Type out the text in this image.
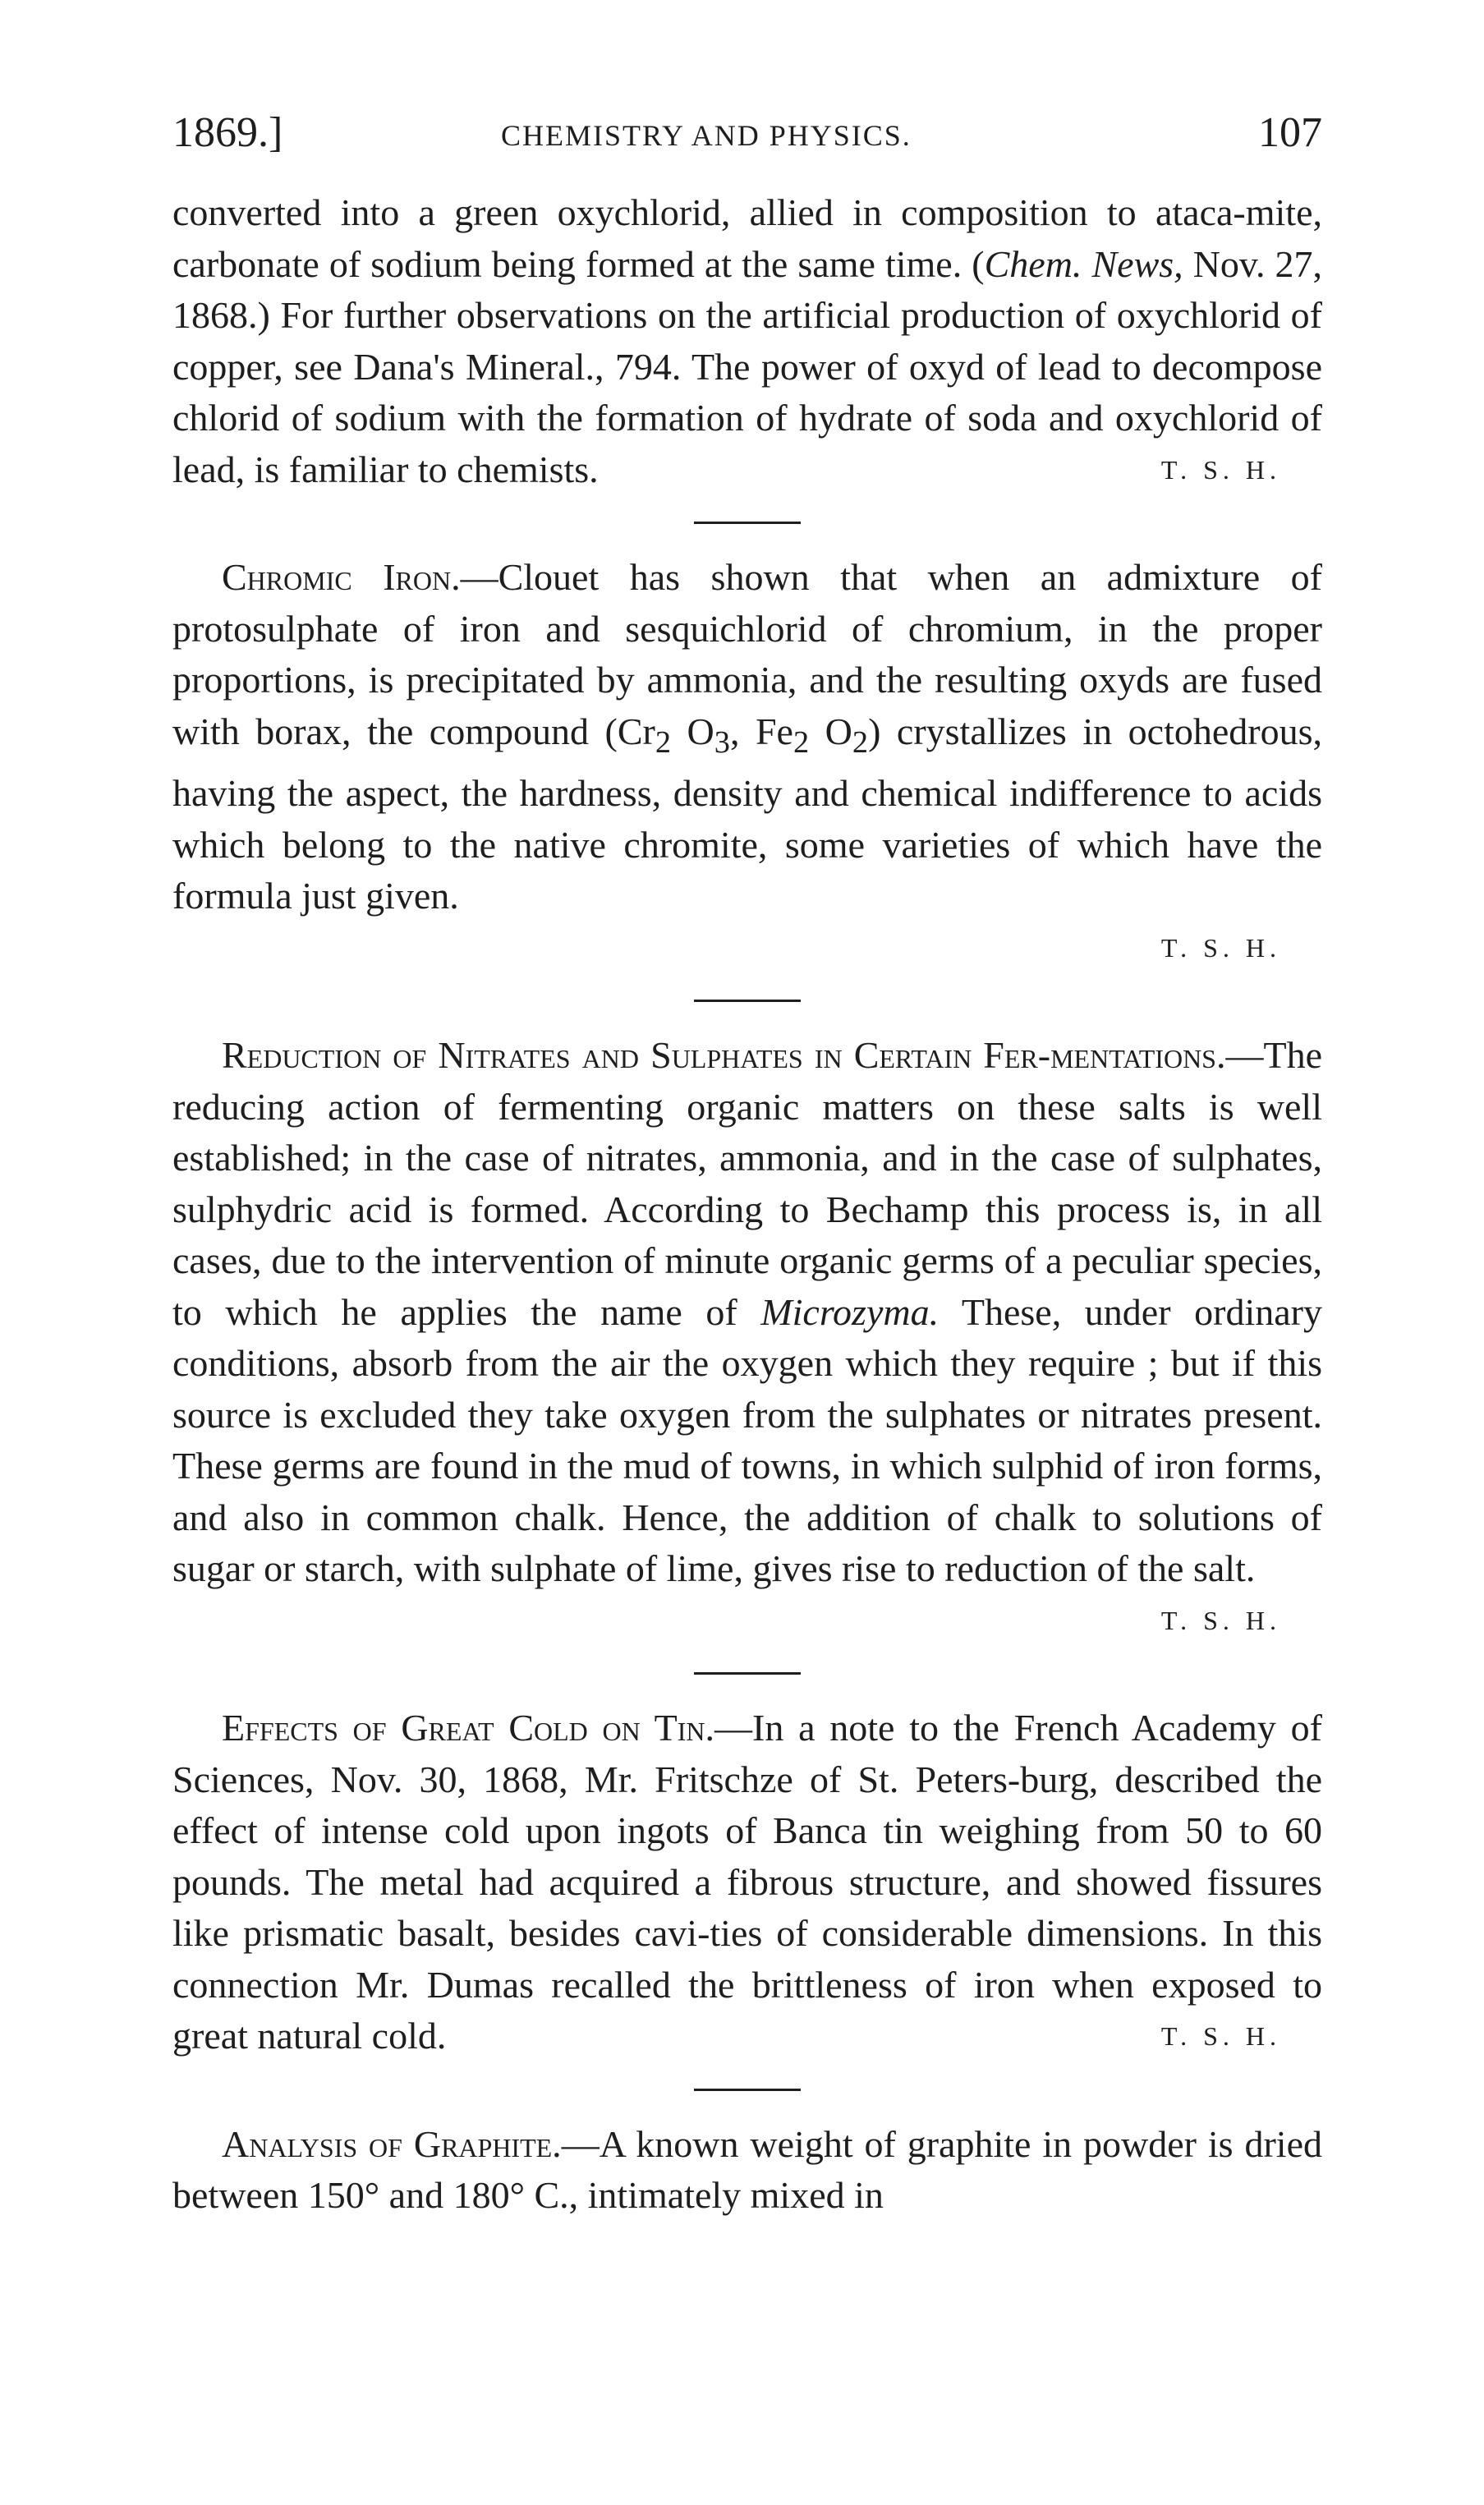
1869.]	CHEMISTRY AND PHYSICS.	107

converted into a green oxychlorid, allied in composition to ataca-mite, carbonate of sodium being formed at the same time. (Chem. News, Nov. 27, 1868.) For further observations on the artificial production of oxychlorid of copper, see Dana's Mineral., 794. The power of oxyd of lead to decompose chlorid of sodium with the formation of hydrate of soda and oxychlorid of lead, is familiar to chemists.	T. S. H.

Chromic Iron.—Clouet has shown that when an admixture of protosulphate of iron and sesquichlorid of chromium, in the proper proportions, is precipitated by ammonia, and the resulting oxyds are fused with borax, the compound ($Cr_2$ $O_3$, $Fe_2$ $O_2$) crystallizes in octohedrous, having the aspect, the hardness, density and chemical indifference to acids which belong to the native chromite, some varieties of which have the formula just given.

T. S. H.

Reduction of Nitrates and Sulphates in Certain Fer-mentations.—The reducing action of fermenting organic matters on these salts is well established; in the case of nitrates, ammonia, and in the case of sulphates, sulphydric acid is formed. According to Bechamp this process is, in all cases, due to the intervention of minute organic germs of a peculiar species, to which he applies the name of Microzyma. These, under ordinary conditions, absorb from the air the oxygen which they require ; but if this source is excluded they take oxygen from the sulphates or nitrates present. These germs are found in the mud of towns, in which sulphid of iron forms, and also in common chalk. Hence, the addition of chalk to solutions of sugar or starch, with sulphate of lime, gives rise to reduction of the salt.
T. S. H.

Effects of Great Cold on Tin.—In a note to the French Academy of Sciences, Nov. 30, 1868, Mr. Fritschze of St. Peters-burg, described the effect of intense cold upon ingots of Banca tin weighing from 50 to 60 pounds. The metal had acquired a fibrous structure, and showed fissures like prismatic basalt, besides cavi-ties of considerable dimensions. In this connection Mr. Dumas recalled the brittleness of iron when exposed to great natural cold.	T. S. H.

Analysis of Graphite.—A known weight of graphite in powder is dried between 150° and 180° C., intimately mixed in
